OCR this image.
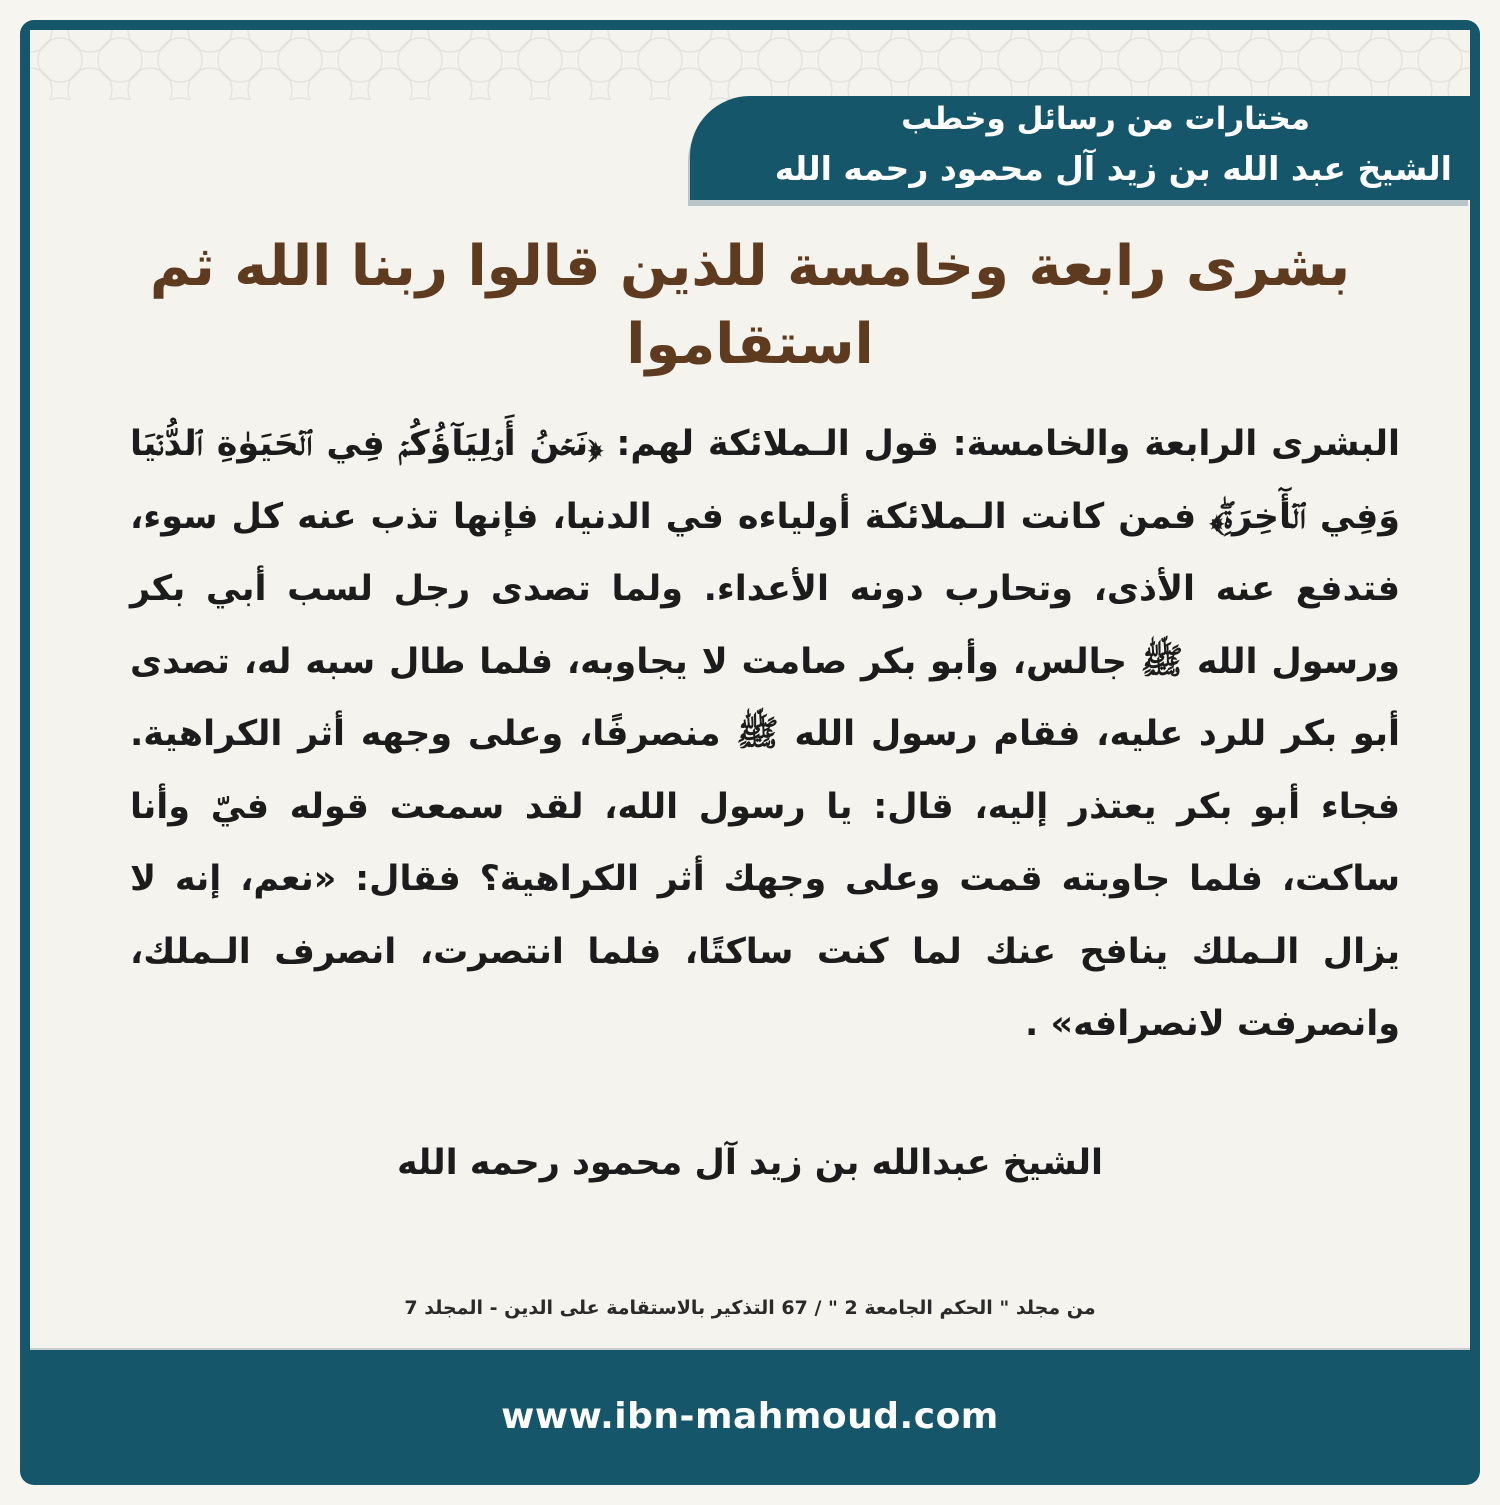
مختارات من رسائل وخطب
الشيخ عبد الله بن زيد آل محمود رحمه الله
بشرى رابعة وخامسة للذين قالوا ربنا الله ثم استقاموا
البشرى الرابعة والخامسة: قول الـملائكة لهم: ﴿نَحۡنُ أَوۡلِيَآؤُكُمۡ فِي ٱلۡحَيَوٰةِ ٱلدُّنۡيَا وَفِي ٱلۡأٓخِرَةِۖ﴾ فمن كانت الـملائكة أولياءه في الدنيا، فإنها تذب عنه كل سوء، فتدفع عنه الأذى، وتحارب دونه الأعداء. ولما تصدى رجل لسب أبي بكر ورسول الله ﷺ جالس، وأبو بكر صامت لا يجاوبه، فلما طال سبه له، تصدى أبو بكر للرد عليه، فقام رسول الله ﷺ منصرفًا، وعلى وجهه أثر الكراهية. فجاء أبو بكر يعتذر إليه، قال: يا رسول الله، لقد سمعت قوله فيّ وأنا ساكت، فلما جاوبته قمت وعلى وجهك أثر الكراهية؟ فقال: «نعم، إنه لا يزال الـملك ينافح عنك لما كنت ساكتًا، فلما انتصرت، انصرف الـملك، وانصرفت لانصرافه» .
الشيخ عبدالله بن زيد آل محمود رحمه الله
من مجلد " الحكم الجامعة 2 " / 67 التذكير بالاستقامة على الدين - المجلد 7
www.ibn-mahmoud.com
